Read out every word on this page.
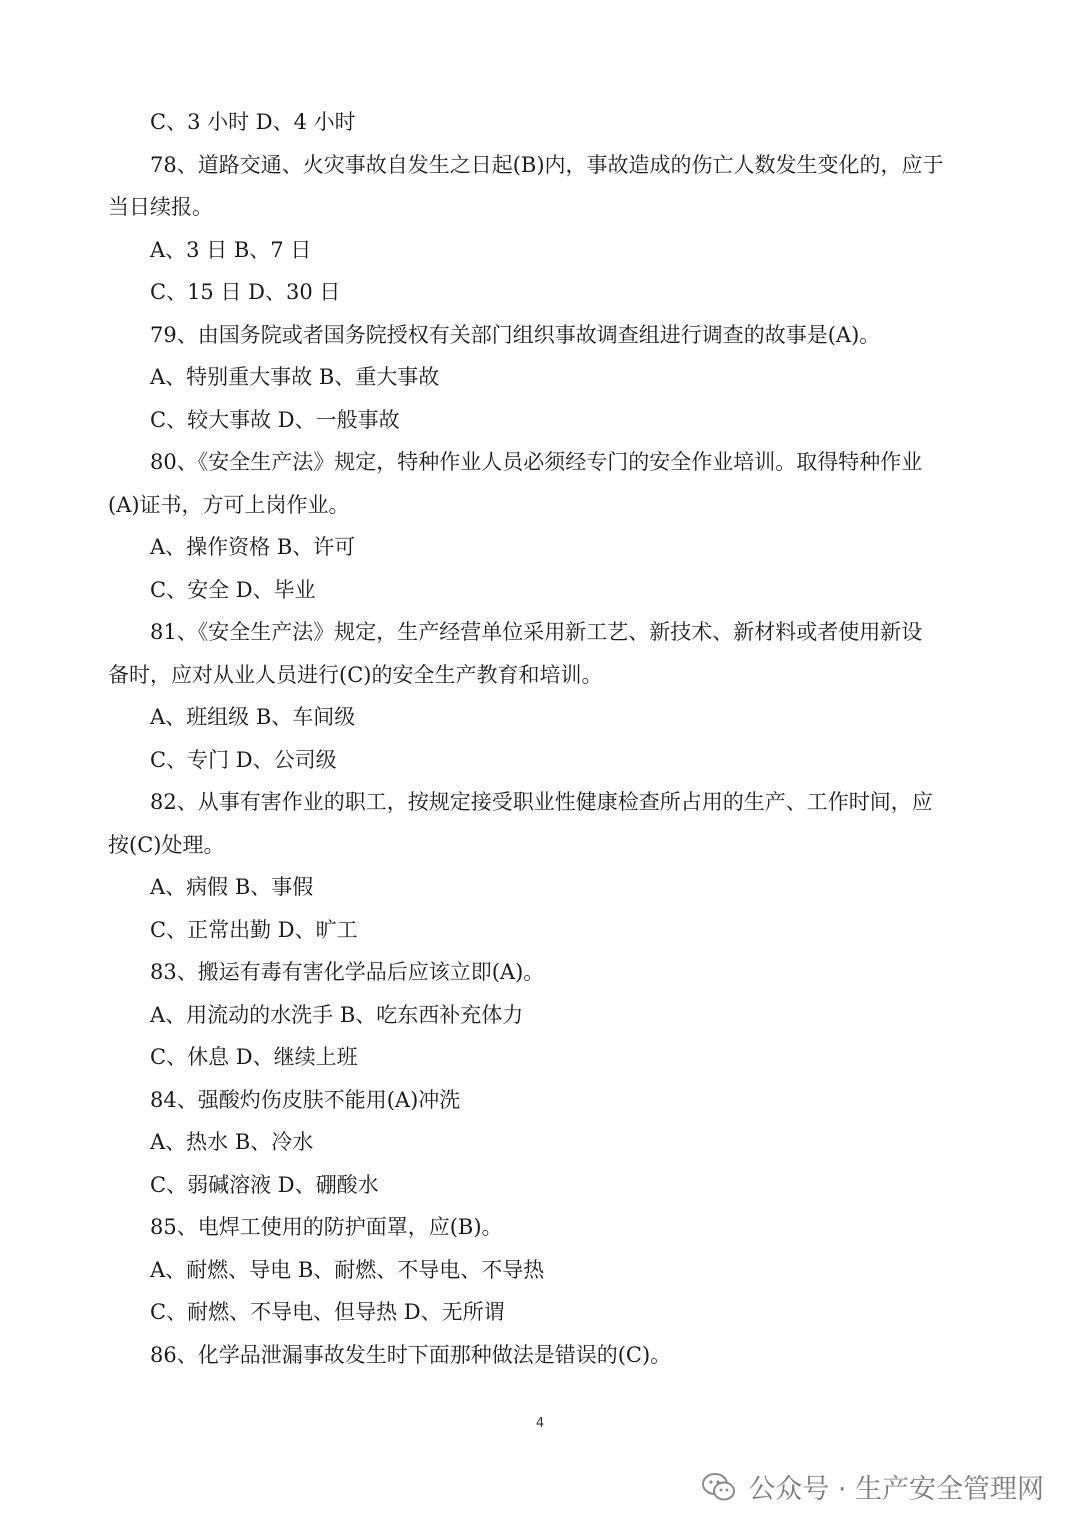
C、3 小时 D、4 小时
78、道路交通、火灾事故自发生之日起(B)内，事故造成的伤亡人数发生变化的，应于
当日续报。
A、3 日 B、7 日
C、15 日 D、30 日
79、由国务院或者国务院授权有关部门组织事故调查组进行调查的故事是(A)。
A、特别重大事故 B、重大事故
C、较大事故 D、一般事故
80、《安全生产法》规定，特种作业人员必须经专门的安全作业培训。取得特种作业
(A)证书，方可上岗作业。
A、操作资格 B、许可
C、安全 D、毕业
81、《安全生产法》规定，生产经营单位采用新工艺、新技术、新材料或者使用新设
备时，应对从业人员进行(C)的安全生产教育和培训。
A、班组级 B、车间级
C、专门 D、公司级
82、从事有害作业的职工，按规定接受职业性健康检查所占用的生产、工作时间，应
按(C)处理。
A、病假 B、事假
C、正常出勤 D、旷工
83、搬运有毒有害化学品后应该立即(A)。
A、用流动的水洗手 B、吃东西补充体力
C、休息 D、继续上班
84、强酸灼伤皮肤不能用(A)冲洗
A、热水 B、冷水
C、弱碱溶液 D、硼酸水
85、电焊工使用的防护面罩，应(B)。
A、耐燃、导电 B、耐燃、不导电、不导热
C、耐燃、不导电、但导热 D、无所谓
86、化学品泄漏事故发生时下面那种做法是错误的(C)。
4
公众号 · 生产安全管理网
